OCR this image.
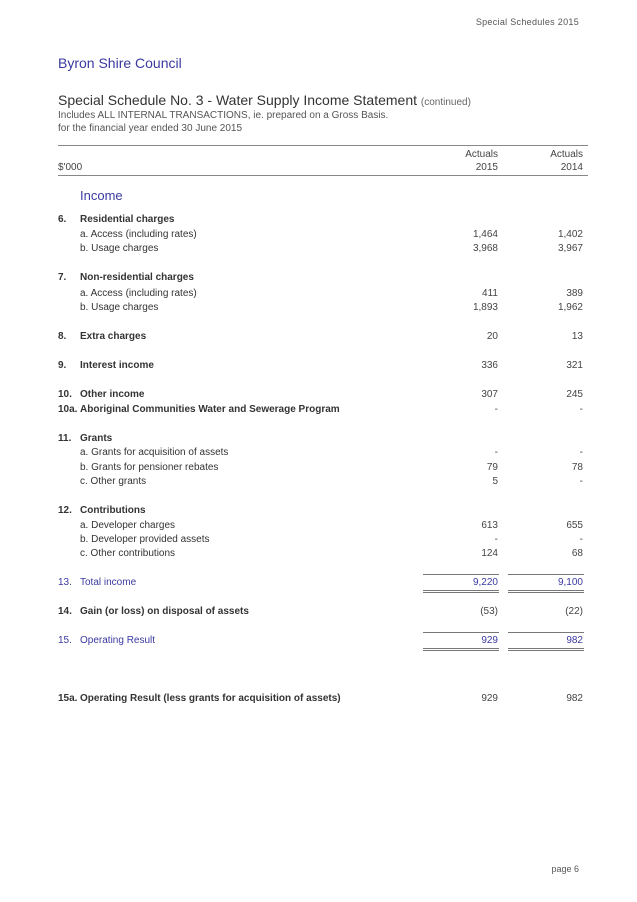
Special Schedules 2015
Byron Shire Council
Special Schedule No. 3 - Water Supply Income Statement (continued)
Includes ALL INTERNAL TRANSACTIONS, ie. prepared on a Gross Basis.
for the financial year ended 30 June 2015
Actuals	Actuals
$'000	2015	2014
Income
6. Residential charges
a. Access (including rates)	1,464	1,402
b. Usage charges	3,968	3,967
7. Non-residential charges
a. Access (including rates)	411	389
b. Usage charges	1,893	1,962
8. Extra charges	20	13
9. Interest income	336	321
10. Other income	307	245
10a. Aboriginal Communities Water and Sewerage Program	-	-
11. Grants
a. Grants for acquisition of assets	-	-
b. Grants for pensioner rebates	79	78
c. Other grants	5	-
12. Contributions
a. Developer charges	613	655
b. Developer provided assets	-	-
c. Other contributions	124	68
13. Total income	9,220	9,100
14. Gain (or loss) on disposal of assets	(53)	(22)
15. Operating Result	929	982
15a. Operating Result (less grants for acquisition of assets)	929	982
page 6
